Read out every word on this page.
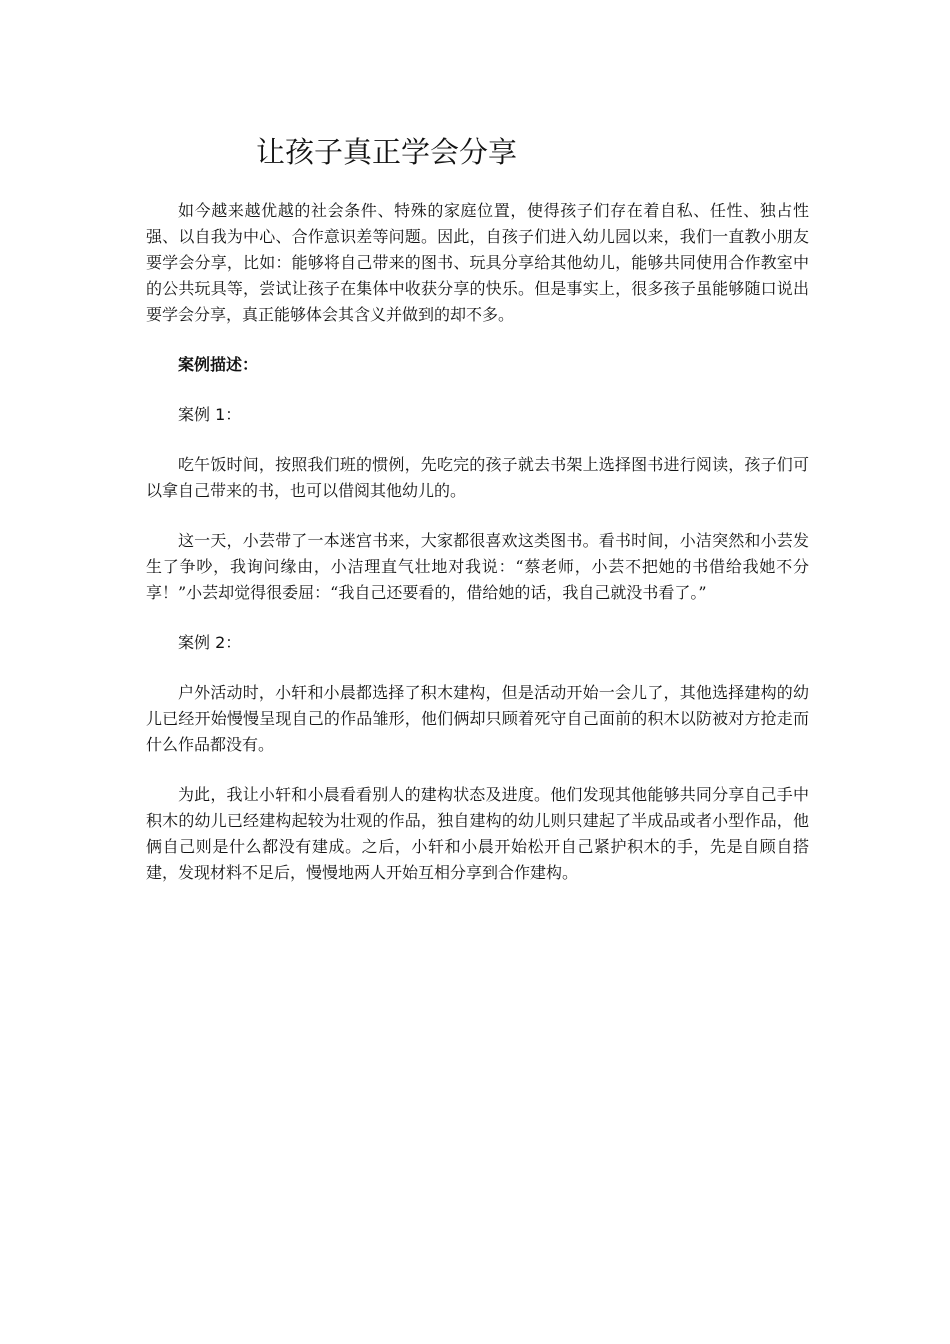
让孩子真正学会分享

如今越来越优越的社会条件、特殊的家庭位置，使得孩子们存在着自私、任性、独占性强、以自我为中心、合作意识差等问题。因此，自孩子们进入幼儿园以来，我们一直教小朋友要学会分享，比如：能够将自己带来的图书、玩具分享给其他幼儿，能够共同使用合作教室中的公共玩具等，尝试让孩子在集体中收获分享的快乐。但是事实上，很多孩子虽能够随口说出要学会分享，真正能够体会其含义并做到的却不多。

案例描述：

案例 1：

吃午饭时间，按照我们班的惯例，先吃完的孩子就去书架上选择图书进行阅读，孩子们可以拿自己带来的书，也可以借阅其他幼儿的。

这一天，小芸带了一本迷宫书来，大家都很喜欢这类图书。看书时间，小洁突然和小芸发生了争吵，我询问缘由，小洁理直气壮地对我说：“蔡老师，小芸不把她的书借给我她不分享！”小芸却觉得很委屈：“我自己还要看的，借给她的话，我自己就没书看了。”

案例 2：

户外活动时，小轩和小晨都选择了积木建构，但是活动开始一会儿了，其他选择建构的幼儿已经开始慢慢呈现自己的作品雏形，他们俩却只顾着死守自己面前的积木以防被对方抢走而什么作品都没有。

为此，我让小轩和小晨看看别人的建构状态及进度。他们发现其他能够共同分享自己手中积木的幼儿已经建构起较为壮观的作品，独自建构的幼儿则只建起了半成品或者小型作品，他俩自己则是什么都没有建成。之后，小轩和小晨开始松开自己紧护积木的手，先是自顾自搭建，发现材料不足后，慢慢地两人开始互相分享到合作建构。
